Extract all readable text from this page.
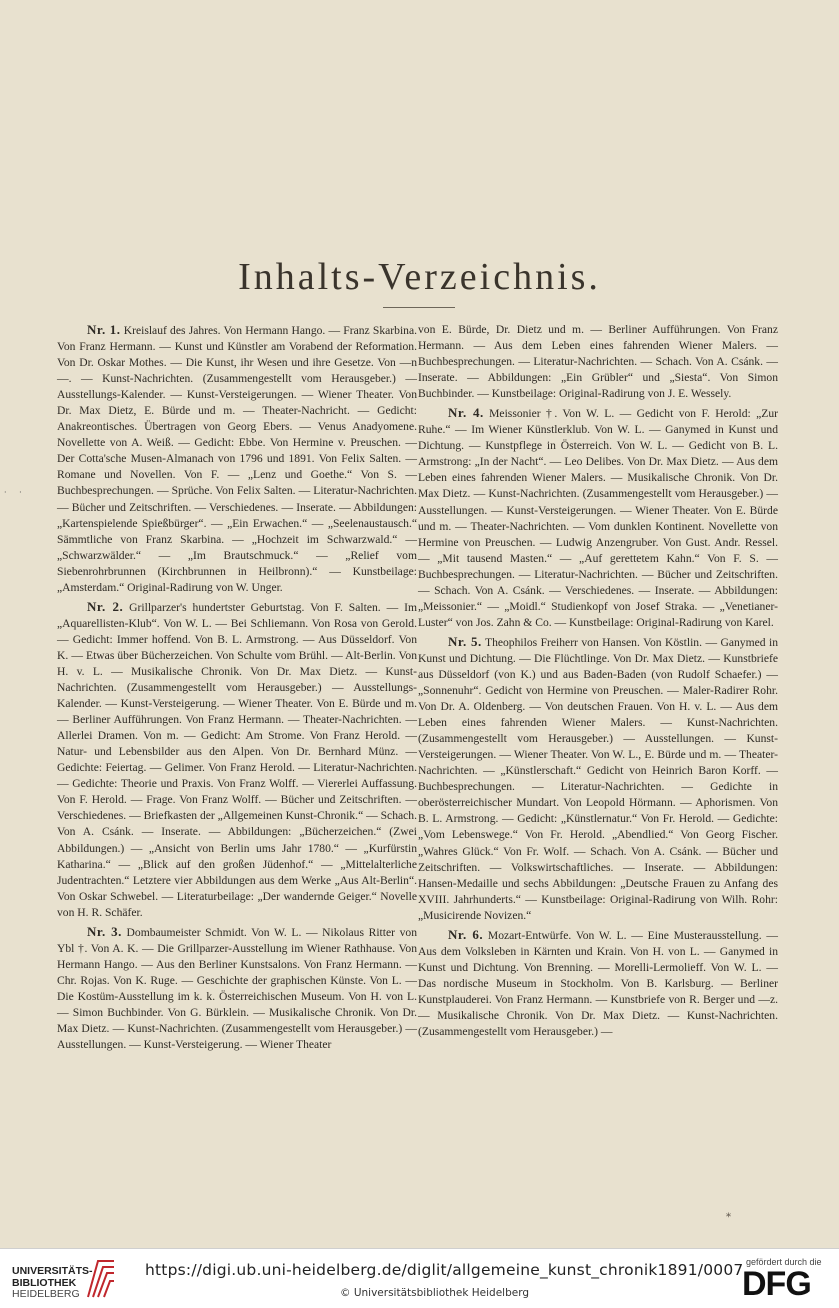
Inhalts-Verzeichnis.
· ·

Nr. 1. Kreislauf des Jahres. Von Hermann Hango. — Franz Skarbina. Von Franz Hermann. — Kunst und Künstler am Vorabend der Reformation. Von Dr. Oskar Mothes. — Die Kunst, ihr Wesen und ihre Gesetze. Von —n—. — Kunst-Nachrichten. (Zusammengestellt vom Herausgeber.) — Ausstellungs-Kalender. — Kunst-Versteigerungen. — Wiener Theater. Von Dr. Max Dietz, E. Bürde und m. — Theater-Nachricht. — Gedicht: Anakreontisches. Übertragen von Georg Ebers. — Venus Anadyomene. Novellette von A. Weiß. — Gedicht: Ebbe. Von Hermine v. Preuschen. — Der Cotta'sche Musen-Almanach von 1796 und 1891. Von Felix Salten. — Romane und Novellen. Von F. — „Lenz und Goethe.“ Von S. — Buchbesprechungen. — Sprüche. Von Felix Salten. — Literatur-Nachrichten. — Bücher und Zeitschriften. — Verschiedenes. — Inserate. — Abbildungen: „Kartenspielende Spießbürger“. — „Ein Erwachen.“ — „Seelenaustausch.“ Sämmtliche von Franz Skarbina. — „Hochzeit im Schwarzwald.“ — „Schwarzwälder.“ — „Im Brautschmuck.“ — „Relief vom Siebenrohrbrunnen (Kirchbrunnen in Heilbronn).“ — Kunstbeilage: „Amsterdam.“ Original-Radirung von W. Unger.

Nr. 2. Grillparzer's hundertster Geburtstag. Von F. Salten. — Im „Aquarellisten-Klub“. Von W. L. — Bei Schliemann. Von Rosa von Gerold. — Gedicht: Immer hoffend. Von B. L. Armstrong. — Aus Düsseldorf. Von K. — Etwas über Bücherzeichen. Von Schulte vom Brühl. — Alt-Berlin. Von H. v. L. — Musikalische Chronik. Von Dr. Max Dietz. — Kunst-Nachrichten. (Zusammengestellt vom Herausgeber.) — Ausstellungs-Kalender. — Kunst-Versteigerung. — Wiener Theater. Von E. Bürde und m. — Berliner Aufführungen. Von Franz Hermann. — Theater-Nachrichten. — Allerlei Dramen. Von m. — Gedicht: Am Strome. Von Franz Herold. — Natur- und Lebensbilder aus den Alpen. Von Dr. Bernhard Münz. — Gedichte: Feiertag. — Gelimer. Von Franz Herold. — Literatur-Nachrichten. — Gedichte: Theorie und Praxis. Von Franz Wolff. — Viererlei Auffassung. Von F. Herold. — Frage. Von Franz Wolff. — Bücher und Zeitschriften. — Verschiedenes. — Briefkasten der „Allgemeinen Kunst-Chronik.“ — Schach. Von A. Csánk. — Inserate. — Abbildungen: „Bücherzeichen.“ (Zwei Abbildungen.) — „Ansicht von Berlin ums Jahr 1780.“ — „Kurfürstin Katharina.“ — „Blick auf den großen Jüdenhof.“ — „Mittelalterliche Judentrachten.“ Letztere vier Abbildungen aus dem Werke „Aus Alt-Berlin“. Von Oskar Schwebel. — Literaturbeilage: „Der wandernde Geiger.“ Novelle von H. R. Schäfer.

Nr. 3. Dombaumeister Schmidt. Von W. L. — Nikolaus Ritter von Ybl †. Von A. K. — Die Grillparzer-Ausstellung im Wiener Rathhause. Von Hermann Hango. — Aus den Berliner Kunstsalons. Von Franz Hermann. — Chr. Rojas. Von K. Ruge. — Geschichte der graphischen Künste. Von L. — Die Kostüm-Ausstellung im k. k. Österreichischen Museum. Von H. von L. — Simon Buchbinder. Von G. Bürklein. — Musikalische Chronik. Von Dr. Max Dietz. — Kunst-Nachrichten. (Zusammengestellt vom Herausgeber.) — Ausstellungen. — Kunst-Versteigerung. — Wiener Theater

von E. Bürde, Dr. Dietz und m. — Berliner Aufführungen. Von Franz Hermann. — Aus dem Leben eines fahrenden Wiener Malers. — Buchbesprechungen. — Literatur-Nachrichten. — Schach. Von A. Csánk. — Inserate. — Abbildungen: „Ein Grübler“ und „Siesta“. Von Simon Buchbinder. — Kunstbeilage: Original-Radirung von J. E. Wessely.

Nr. 4. Meissonier †. Von W. L. — Gedicht von F. Herold: „Zur Ruhe.“ — Im Wiener Künstlerklub. Von W. L. — Ganymed in Kunst und Dichtung. — Kunstpflege in Österreich. Von W. L. — Gedicht von B. L. Armstrong: „In der Nacht“. — Leo Delibes. Von Dr. Max Dietz. — Aus dem Leben eines fahrenden Wiener Malers. — Musikalische Chronik. Von Dr. Max Dietz. — Kunst-Nachrichten. (Zusammengestellt vom Herausgeber.) — Ausstellungen. — Kunst-Versteigerungen. — Wiener Theater. Von E. Bürde und m. — Theater-Nachrichten. — Vom dunklen Kontinent. Novellette von Hermine von Preuschen. — Ludwig Anzengruber. Von Gust. Andr. Ressel. — „Mit tausend Masten.“ — „Auf gerettetem Kahn.“ Von F. S. — Buchbesprechungen. — Literatur-Nachrichten. — Bücher und Zeitschriften. — Schach. Von A. Csánk. — Verschiedenes. — Inserate. — Abbildungen: „Meissonier.“ — „Moidl.“ Studienkopf von Josef Straka. — „Venetianer-Luster“ von Jos. Zahn & Co. — Kunstbeilage: Original-Radirung von Karel.

Nr. 5. Theophilos Freiherr von Hansen. Von Köstlin. — Ganymed in Kunst und Dichtung. — Die Flüchtlinge. Von Dr. Max Dietz. — Kunstbriefe aus Düsseldorf (von K.) und aus Baden-Baden (von Rudolf Schaefer.) — „Sonnenuhr“. Gedicht von Hermine von Preuschen. — Maler-Radirer Rohr. Von Dr. A. Oldenberg. — Von deutschen Frauen. Von H. v. L. — Aus dem Leben eines fahrenden Wiener Malers. — Kunst-Nachrichten. (Zusammengestellt vom Herausgeber.) — Ausstellungen. — Kunst-Versteigerungen. — Wiener Theater. Von W. L., E. Bürde und m. — Theater-Nachrichten. — „Künstlerschaft.“ Gedicht von Heinrich Baron Korff. — Buchbesprechungen. — Literatur-Nachrichten. — Gedichte in oberösterreichischer Mundart. Von Leopold Hörmann. — Aphorismen. Von B. L. Armstrong. — Gedicht: „Künstlernatur.“ Von Fr. Herold. — Gedichte: „Vom Lebenswege.“ Von Fr. Herold. „Abendlied.“ Von Georg Fischer. „Wahres Glück.“ Von Fr. Wolf. — Schach. Von A. Csánk. — Bücher und Zeitschriften. — Volkswirtschaftliches. — Inserate. — Abbildungen: Hansen-Medaille und sechs Abbildungen: „Deutsche Frauen zu Anfang des XVIII. Jahrhunderts.“ — Kunstbeilage: Original-Radirung von Wilh. Rohr: „Musicirende Novizen.“

Nr. 6. Mozart-Entwürfe. Von W. L. — Eine Musterausstellung. — Aus dem Volksleben in Kärnten und Krain. Von H. von L. — Ganymed in Kunst und Dichtung. Von Brenning. — Morelli-Lermolieff. Von W. L. — Das nordische Museum in Stockholm. Von B. Karlsburg. — Berliner Kunstplauderei. Von Franz Hermann. — Kunstbriefe von R. Berger und —z.— Musikalische Chronik. Von Dr. Max Dietz. — Kunst-Nachrichten. (Zusammengestellt vom Herausgeber.) —

*
UNIVERSITÄTS-
BIBLIOTHEK
HEIDELBERG
https://digi.ub.uni-heidelberg.de/diglit/allgemeine_kunst_chronik1891/0007
© Universitätsbibliothek Heidelberg
gefördert durch die
DFG
